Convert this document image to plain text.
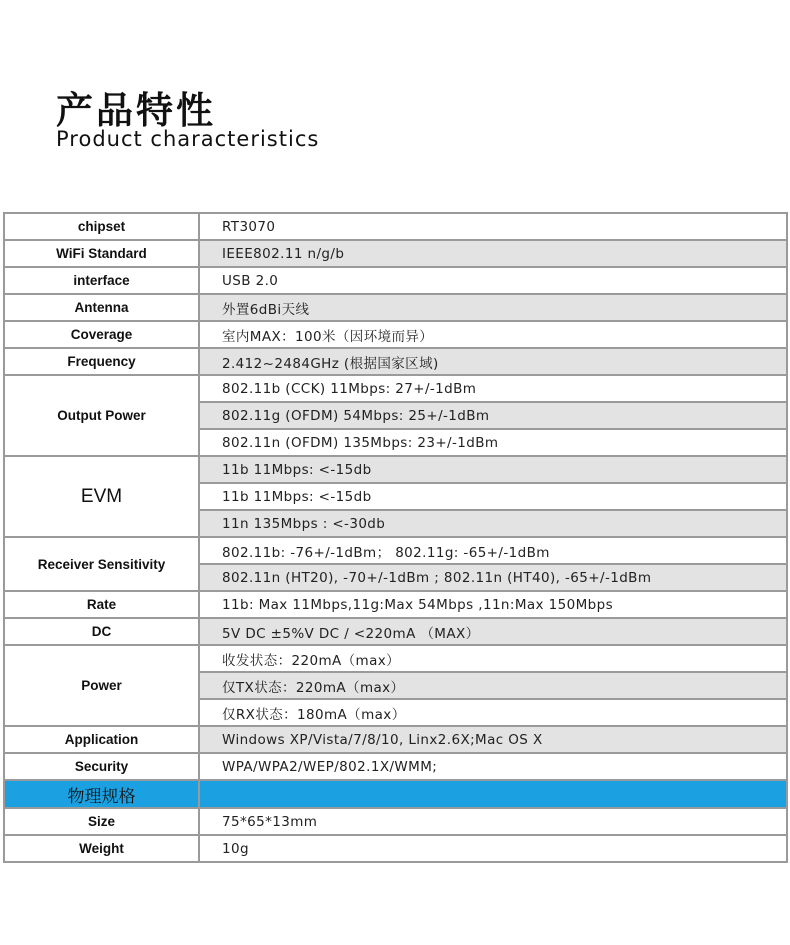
产品特性
Product characteristics
chipset	RT3070
WiFi Standard	IEEE802.11 n/g/b
interface	USB 2.0
Antenna	外置6dBi天线
Coverage	室内MAX：100米（因环境而异）
Frequency	2.412~2484GHz (根据国家区域)
Output Power	802.11b (CCK) 11Mbps: 27+/-1dBm
	802.11g (OFDM) 54Mbps: 25+/-1dBm
	802.11n (OFDM) 135Mbps: 23+/-1dBm
EVM	11b 11Mbps: <-15db
	11b 11Mbps: <-15db
	11n 135Mbps : <-30db
Receiver Sensitivity	802.11b: -76+/-1dBm； 802.11g: -65+/-1dBm
	802.11n (HT20), -70+/-1dBm ; 802.11n (HT40), -65+/-1dBm
Rate	11b: Max 11Mbps,11g:Max 54Mbps ,11n:Max 150Mbps
DC	5V DC ±5%V DC / <220mA （MAX）
Power	收发状态：220mA（max）
	仅TX状态：220mA（max）
	仅RX状态：180mA（max）
Application	Windows XP/Vista/7/8/10, Linx2.6X;Mac OS X
Security	WPA/WPA2/WEP/802.1X/WMM;
物理规格	
Size	75*65*13mm
Weight	10g
